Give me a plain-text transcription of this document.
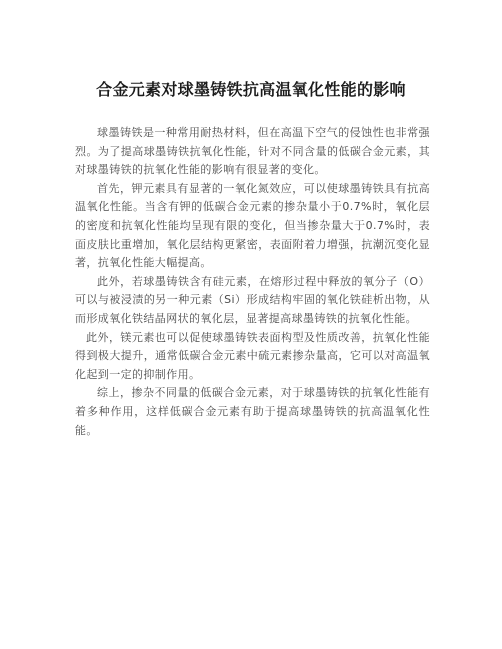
合金元素对球墨铸铁抗高温氧化性能的影响

球墨铸铁是一种常用耐热材料，但在高温下空气的侵蚀性也非常强烈。为了提高球墨铸铁抗氧化性能，针对不同含量的低碳合金元素，其对球墨铸铁的抗氧化性能的影响有很显著的变化。

首先，钾元素具有显著的一氧化氮效应，可以使球墨铸铁具有抗高温氧化性能。当含有钾的低碳合金元素的掺杂量小于0.7%时，氧化层的密度和抗氧化性能均呈现有限的变化，但当掺杂量大于0.7%时，表面皮肤比重增加，氧化层结构更紧密，表面附着力增强，抗潮沉变化显著，抗氧化性能大幅提高。

此外，若球墨铸铁含有硅元素，在熔形过程中释放的氧分子（O）可以与被浸渍的另一种元素（Si）形成结构牢固的氧化铁硅析出物，从而形成氧化铁结晶网状的氧化层，显著提高球墨铸铁的抗氧化性能。

此外，镁元素也可以促使球墨铸铁表面构型及性质改善，抗氧化性能得到极大提升，通常低碳合金元素中硫元素掺杂量高，它可以对高温氧化起到一定的抑制作用。

综上，掺杂不同量的低碳合金元素，对于球墨铸铁的抗氧化性能有着多种作用，这样低碳合金元素有助于提高球墨铸铁的抗高温氧化性能。
